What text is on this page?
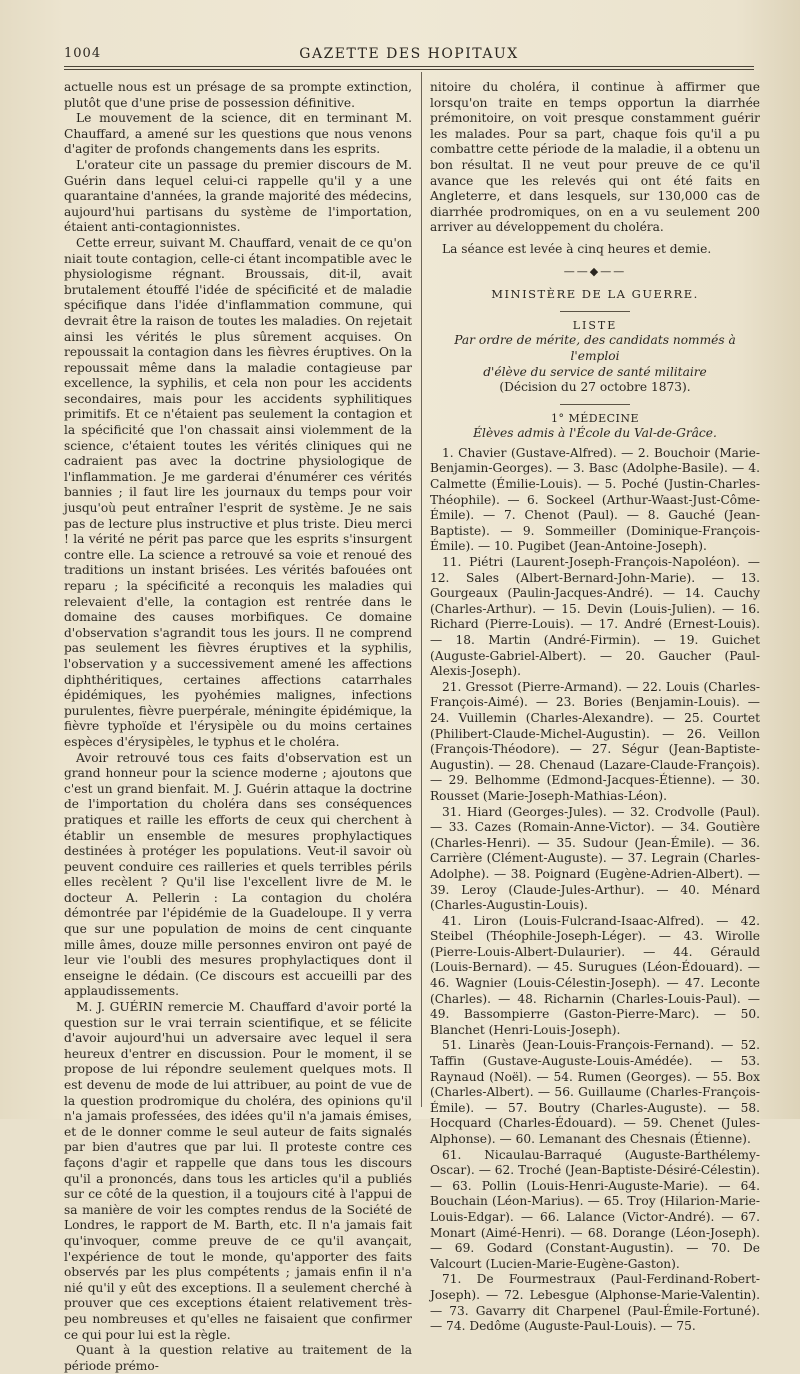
1004	GAZETTE DES HOPITAUX

actuelle nous est un présage de sa prompte extinction, plutôt que d'une prise de possession définitive.

Le mouvement de la science, dit en terminant M. Chauffard, a amené sur les questions que nous venons d'agiter de profonds changements dans les esprits.

L'orateur cite un passage du premier discours de M. Guérin dans lequel celui-ci rappelle qu'il y a une quarantaine d'années, la grande majorité des médecins, aujourd'hui partisans du système de l'importation, étaient anti-contagionnistes.

Cette erreur, suivant M. Chauffard, venait de ce qu'on niait toute contagion, celle-ci étant incompatible avec le physiologisme régnant. Broussais, dit-il, avait brutalement étouffé l'idée de spécificité et de maladie spécifique dans l'idée d'inflammation commune, qui devrait être la raison de toutes les maladies. On rejetait ainsi les vérités le plus sûrement acquises. On repoussait la contagion dans les fièvres éruptives. On la repoussait même dans la maladie contagieuse par excellence, la syphilis, et cela non pour les accidents secondaires, mais pour les accidents syphilitiques primitifs. Et ce n'étaient pas seulement la contagion et la spécificité que l'on chassait ainsi violemment de la science, c'étaient toutes les vérités cliniques qui ne cadraient pas avec la doctrine physiologique de l'inflammation. Je me garderai d'énumérer ces vérités bannies ; il faut lire les journaux du temps pour voir jusqu'où peut entraîner l'esprit de système. Je ne sais pas de lecture plus instructive et plus triste. Dieu merci ! la vérité ne périt pas parce que les esprits s'insurgent contre elle. La science a retrouvé sa voie et renoué des traditions un instant brisées. Les vérités bafouées ont reparu ; la spécificité a reconquis les maladies qui relevaient d'elle, la contagion est rentrée dans le domaine des causes morbifiques. Ce domaine d'observation s'agrandit tous les jours. Il ne comprend pas seulement les fièvres éruptives et la syphilis, l'observation y a successivement amené les affections diphthéritiques, certaines affections catarrhales épidémiques, les pyohémies malignes, infections purulentes, fièvre puerpérale, méningite épidémique, la fièvre typhoïde et l'érysipèle ou du moins certaines espèces d'érysipèles, le typhus et le choléra.

Avoir retrouvé tous ces faits d'observation est un grand honneur pour la science moderne ; ajoutons que c'est un grand bienfait. M. J. Guérin attaque la doctrine de l'importation du choléra dans ses conséquences pratiques et raille les efforts de ceux qui cherchent à établir un ensemble de mesures prophylactiques destinées à protéger les populations. Veut-il savoir où peuvent conduire ces railleries et quels terribles périls elles recèlent ? Qu'il lise l'excellent livre de M. le docteur A. Pellerin : La contagion du choléra démontrée par l'épidémie de la Guadeloupe. Il y verra que sur une population de moins de cent cinquante mille âmes, douze mille personnes environ ont payé de leur vie l'oubli des mesures prophylactiques dont il enseigne le dédain. (Ce discours est accueilli par des applaudissements.

M. J. GUÉRIN remercie M. Chauffard d'avoir porté la question sur le vrai terrain scientifique, et se félicite d'avoir aujourd'hui un adversaire avec lequel il sera heureux d'entrer en discussion. Pour le moment, il se propose de lui répondre seulement quelques mots. Il est devenu de mode de lui attribuer, au point de vue de la question prodromique du choléra, des opinions qu'il n'a jamais professées, des idées qu'il n'a jamais émises, et de le donner comme le seul auteur de faits signalés par bien d'autres que par lui. Il proteste contre ces façons d'agir et rappelle que dans tous les discours qu'il a prononcés, dans tous les articles qu'il a publiés sur ce côté de la question, il a toujours cité à l'appui de sa manière de voir les comptes rendus de la Société de Londres, le rapport de M. Barth, etc. Il n'a jamais fait qu'invoquer, comme preuve de ce qu'il avançait, l'expérience de tout le monde, qu'apporter des faits observés par les plus compétents ; jamais enfin il n'a nié qu'il y eût des exceptions. Il a seulement cherché à prouver que ces exceptions étaient relativement très-peu nombreuses et qu'elles ne faisaient que confirmer ce qui pour lui est la règle.

Quant à la question relative au traitement de la période prémo-

nitoire du choléra, il continue à affirmer que lorsqu'on traite en temps opportun la diarrhée prémonitoire, on voit presque constamment guérir les malades. Pour sa part, chaque fois qu'il a pu combattre cette période de la maladie, il a obtenu un bon résultat. Il ne veut pour preuve de ce qu'il avance que les relevés qui ont été faits en Angleterre, et dans lesquels, sur 130,000 cas de diarrhée prodromiques, on en a vu seulement 200 arriver au développement du choléra.

La séance est levée à cinq heures et demie.

——◆——

MINISTÈRE DE LA GUERRE.

LISTE

Par ordre de mérite, des candidats nommés à l'emploi

d'élève du service de santé militaire

(Décision du 27 octobre 1873).

1° MÉDECINE

Élèves admis à l'École du Val-de-Grâce.

1. Chavier (Gustave-Alfred). — 2. Bouchoir (Marie-Benjamin-Georges). — 3. Basc (Adolphe-Basile). — 4. Calmette (Émilie-Louis). — 5. Poché (Justin-Charles-Théophile). — 6. Sockeel (Arthur-Waast-Just-Côme-Émile). — 7. Chenot (Paul). — 8. Gauché (Jean-Baptiste). — 9. Sommeiller (Dominique-François-Émile). — 10. Pugibet (Jean-Antoine-Joseph).

11. Piétri (Laurent-Joseph-François-Napoléon). — 12. Sales (Albert-Bernard-John-Marie). — 13. Gourgeaux (Paulin-Jacques-André). — 14. Cauchy (Charles-Arthur). — 15. Devin (Louis-Julien). — 16. Richard (Pierre-Louis). — 17. André (Ernest-Louis). — 18. Martin (André-Firmin). — 19. Guichet (Auguste-Gabriel-Albert). — 20. Gaucher (Paul-Alexis-Joseph).

21. Gressot (Pierre-Armand). — 22. Louis (Charles-François-Aimé). — 23. Bories (Benjamin-Louis). — 24. Vuillemin (Charles-Alexandre). — 25. Courtet (Philibert-Claude-Michel-Augustin). — 26. Veillon (François-Théodore). — 27. Ségur (Jean-Baptiste-Augustin). — 28. Chenaud (Lazare-Claude-François). — 29. Belhomme (Edmond-Jacques-Étienne). — 30. Rousset (Marie-Joseph-Mathias-Léon).

31. Hiard (Georges-Jules). — 32. Crodvolle (Paul). — 33. Cazes (Romain-Anne-Victor). — 34. Goutière (Charles-Henri). — 35. Sudour (Jean-Émile). — 36. Carrière (Clément-Auguste). — 37. Legrain (Charles-Adolphe). — 38. Poignard (Eugène-Adrien-Albert). — 39. Leroy (Claude-Jules-Arthur). — 40. Ménard (Charles-Augustin-Louis).

41. Liron (Louis-Fulcrand-Isaac-Alfred). — 42. Steibel (Théophile-Joseph-Léger). — 43. Wirolle (Pierre-Louis-Albert-Dulaurier). — 44. Gérauld (Louis-Bernard). — 45. Surugues (Léon-Édouard). — 46. Wagnier (Louis-Célestin-Joseph). — 47. Leconte (Charles). — 48. Richarnin (Charles-Louis-Paul). — 49. Bassompierre (Gaston-Pierre-Marc). — 50. Blanchet (Henri-Louis-Joseph).

51. Linarès (Jean-Louis-François-Fernand). — 52. Taffin (Gustave-Auguste-Louis-Amédée). — 53. Raynaud (Noël). — 54. Rumen (Georges). — 55. Box (Charles-Albert). — 56. Guillaume (Charles-François-Émile). — 57. Boutry (Charles-Auguste). — 58. Hocquard (Charles-Édouard). — 59. Chenet (Jules-Alphonse). — 60. Lemanant des Chesnais (Étienne).

61. Nicaulau-Barraqué (Auguste-Barthélemy-Oscar). — 62. Troché (Jean-Baptiste-Désiré-Célestin). — 63. Pollin (Louis-Henri-Auguste-Marie). — 64. Bouchain (Léon-Marius). — 65. Troy (Hilarion-Marie-Louis-Edgar). — 66. Lalance (Victor-André). — 67. Monart (Aimé-Henri). — 68. Dorange (Léon-Joseph). — 69. Godard (Constant-Augustin). — 70. De Valcourt (Lucien-Marie-Eugène-Gaston).

71. De Fourmestraux (Paul-Ferdinand-Robert-Joseph). — 72. Lebesgue (Alphonse-Marie-Valentin). — 73. Gavarry dit Charpenel (Paul-Émile-Fortuné). — 74. Dedôme (Auguste-Paul-Louis). — 75.
